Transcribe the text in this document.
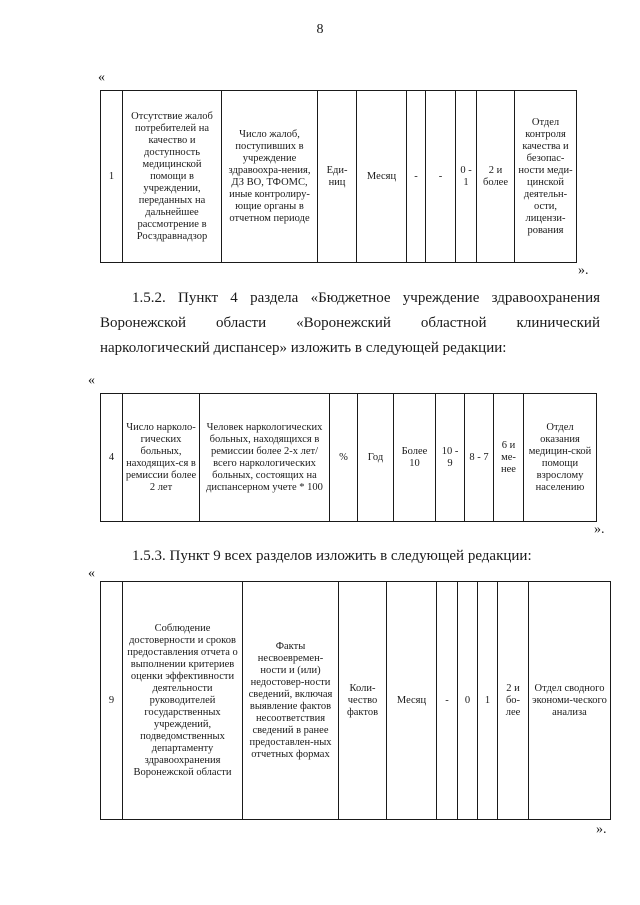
8
«
1	Отсутствие жалоб потребителей на качество и доступность медицинской помощи в учреждении, переданных на дальнейшее рассмотрение в Росздравнадзор	Число жалоб, поступивших в учреждение здравоохра-нения, ДЗ ВО, ТФОМС, иные контролиру-ющие органы в отчетном периоде	Еди-ниц	Месяц	-	-	0 - 1	2 и более	Отдел контроля качества и безопас-ности меди-цинской деятельн-ости, лицензи-рования
».
1.5.2. Пункт 4 раздела «Бюджетное учреждение здравоохранения
Воронежской области «Воронежский областной клинический
наркологический диспансер» изложить в следующей редакции:
«
4	Число нарколо-гических больных, находящих-ся в ремиссии более 2 лет	Человек наркологических больных, находящихся в ремиссии более 2-х лет/всего наркологических больных, состоящих на диспансерном учете * 100	%	Год	Более 10	10 - 9	8 - 7	6 и ме-нее	Отдел оказания медицин-ской помощи взрослому населению
».
1.5.3. Пункт 9 всех разделов изложить в следующей редакции:
«
9	Соблюдение достоверности и сроков предоставления отчета о выполнении критериев оценки эффективности деятельности руководителей государственных учреждений, подведомственных департаменту здравоохранения Воронежской области	Факты несвоевремен-ности и (или) недостовер-ности сведений, включая выявление фактов несоответствия сведений в ранее предоставлен-ных отчетных формах	Коли-чество фактов	Месяц	-	0	1	2 и бо-лее	Отдел сводного экономи-ческого анализа
».
